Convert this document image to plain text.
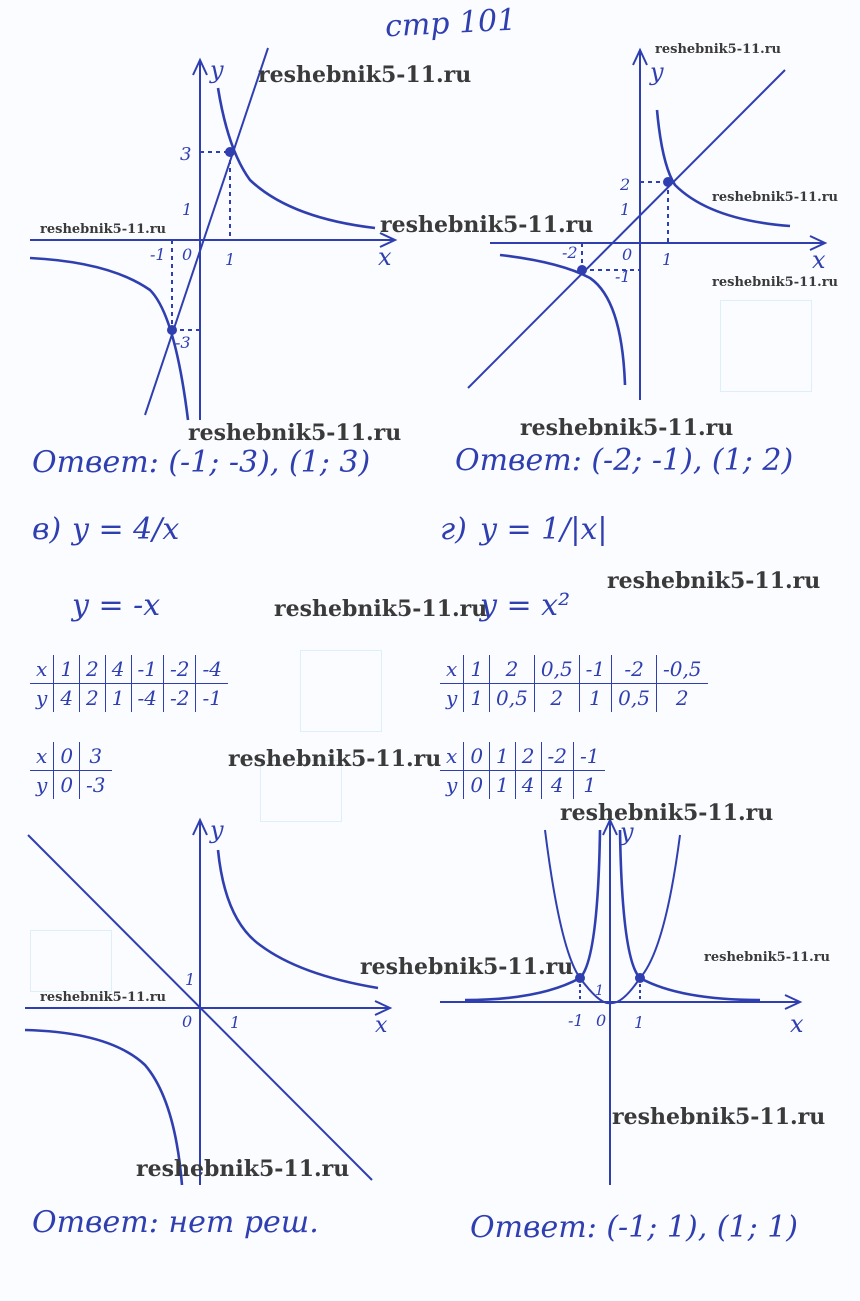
стр 101
x
y
-1 0 1
3
1
-3
x
y
-2	0 1
2
1
-1
Ответ: (-1; -3), (1; 3)	Ответ: (-2; -1), (1; 2)
в) y = 4/x
y = -x
г) y = 1/|x|
y = x²
x	1	2	4	-1	-2	-4
y	4	2	1	-4	-2	-1
x	0	3
y	0	-3
x	1	2	0,5	-1	-2	-0,5
y	1	0,5	2	1	0,5	2
x	0	1	2	-2	-1
y	0	1	4	4	1
x
y
1
0 1	x
y
1
-1 0 1
Ответ: нет реш.	Ответ: (-1; 1), (1; 1)
reshebnik5-11.ru
reshebnik5-11.ru
reshebnik5-11.ru	reshebnik5-11.ru
reshebnik5-11.ru
reshebnik5-11.ru
reshebnik5-11.ru	reshebnik5-11.ru
reshebnik5-11.ru
reshebnik5-11.ru
reshebnik5-11.ru
reshebnik5-11.ru
reshebnik5-11.ru
reshebnik5-11.ru
reshebnik5-11.ru
reshebnik5-11.ru
reshebnik5-11.ru
